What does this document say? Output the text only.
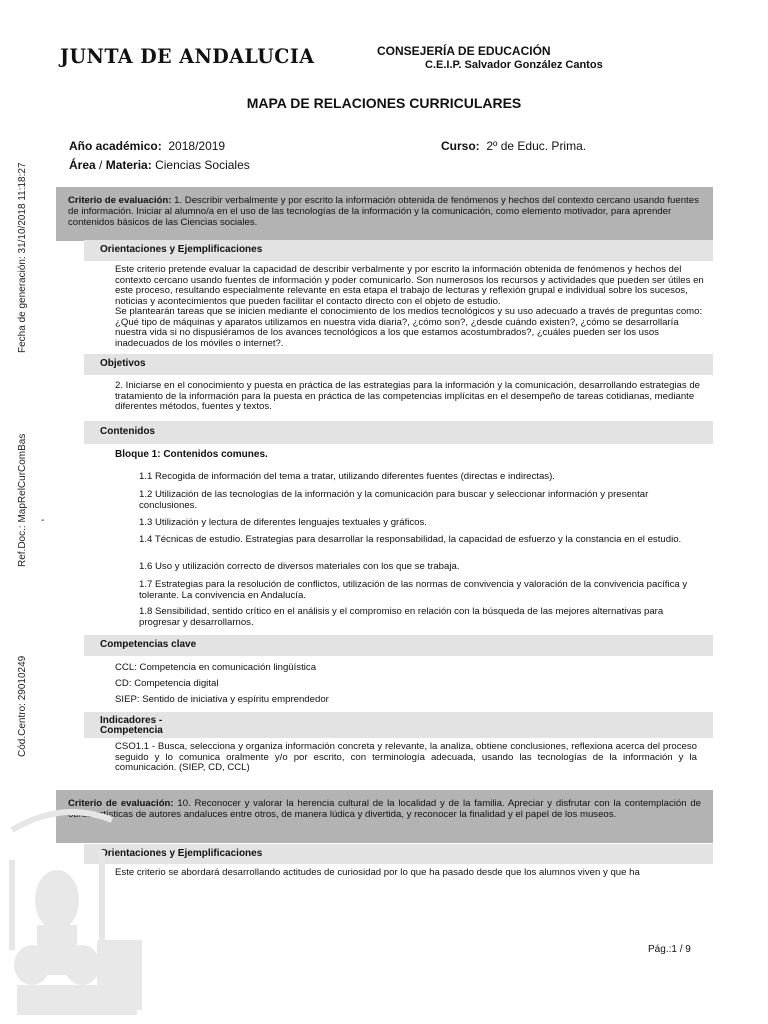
JUNTA DE ANDALUCIA	CONSEJERÍA DE EDUCACIÓN
C.E.I.P. Salvador González Cantos
MAPA DE RELACIONES CURRICULARES
Año académico: 2018/2019	Curso: 2º de Educ. Prima.
Área / Materia: Ciencias Sociales
Fecha de generación: 31/10/2018 11:18:27
Ref.Doc.: MapRelCurComBas
Cód.Centro: 29010249
-
Criterio de evaluación: 1. Describir verbalmente y por escrito la información obtenida de fenómenos y hechos del contexto cercano usando fuentes de información. Iniciar al alumno/a en el uso de las tecnologías de la información y la comunicación, como elemento motivador, para aprender contenidos básicos de las Ciencias sociales.
Orientaciones y Ejemplificaciones
Este criterio pretende evaluar la capacidad de describir verbalmente y por escrito la información obtenida de fenómenos y hechos del contexto cercano usando fuentes de información y poder comunicarlo. Son numerosos los recursos y actividades que pueden ser útiles en este proceso, resultando especialmente relevante en esta etapa el trabajo de lecturas y reflexión grupal e individual sobre los sucesos, noticias y acontecimientos que pueden facilitar el contacto directo con el objeto de estudio.
Se plantearán tareas que se inicien mediante el conocimiento de los medios tecnológicos y su uso adecuado a través de preguntas como: ¿Qué tipo de máquinas y aparatos utilizamos en nuestra vida diaria?, ¿cómo son?, ¿desde cuándo existen?, ¿cómo se desarrollaría nuestra vida si no dispusiéramos de los avances tecnológicos a los que estamos acostumbrados?, ¿cuáles pueden ser los usos inadecuados de los móviles o internet?.
Objetivos
2. Iniciarse en el conocimiento y puesta en práctica de las estrategias para la información y la comunicación, desarrollando estrategias de tratamiento de la información para la puesta en práctica de las competencias implícitas en el desempeño de tareas cotidianas, mediante diferentes métodos, fuentes y textos.
Contenidos
Bloque 1: Contenidos comunes.
1.1 Recogida de información del tema a tratar, utilizando diferentes fuentes (directas e indirectas).
1.2 Utilización de las tecnologías de la información y la comunicación para buscar y seleccionar información y presentar conclusiones.
1.3 Utilización y lectura de diferentes lenguajes textuales y gráficos.
1.4 Técnicas de estudio. Estrategias para desarrollar la responsabilidad, la capacidad de esfuerzo y la constancia en el estudio.
1.6 Uso y utilización correcto de diversos materiales con los que se trabaja.
1.7 Estrategias para la resolución de conflictos, utilización de las normas de convivencia y valoración de la convivencia pacífica y tolerante. La convivencia en Andalucía.
1.8 Sensibilidad, sentido crítico en el análisis y el compromiso en relación con la búsqueda de las mejores alternativas para progresar y desarrollarnos.
Competencias clave
CCL: Competencia en comunicación lingüística
CD: Competencia digital
SIEP: Sentido de iniciativa y espíritu emprendedor
Indicadores -
Competencia
CSO1.1 - Busca, selecciona y organiza información concreta y relevante, la analiza, obtiene conclusiones, reflexiona acerca del proceso seguido y lo comunica oralmente y/o por escrito, con terminología adecuada, usando las tecnologías de la información y la comunicación. (SIEP, CD, CCL)
Criterio de evaluación: 10. Reconocer y valorar la herencia cultural de la localidad y de la familia. Apreciar y disfrutar con la contemplación de obras artísticas de autores andaluces entre otros, de manera lúdica y divertida, y reconocer la finalidad y el papel de los museos.
Orientaciones y Ejemplificaciones
Este criterio se abordará desarrollando actitudes de curiosidad por lo que ha pasado desde que los alumnos viven y que ha
Pág.:1 / 9
